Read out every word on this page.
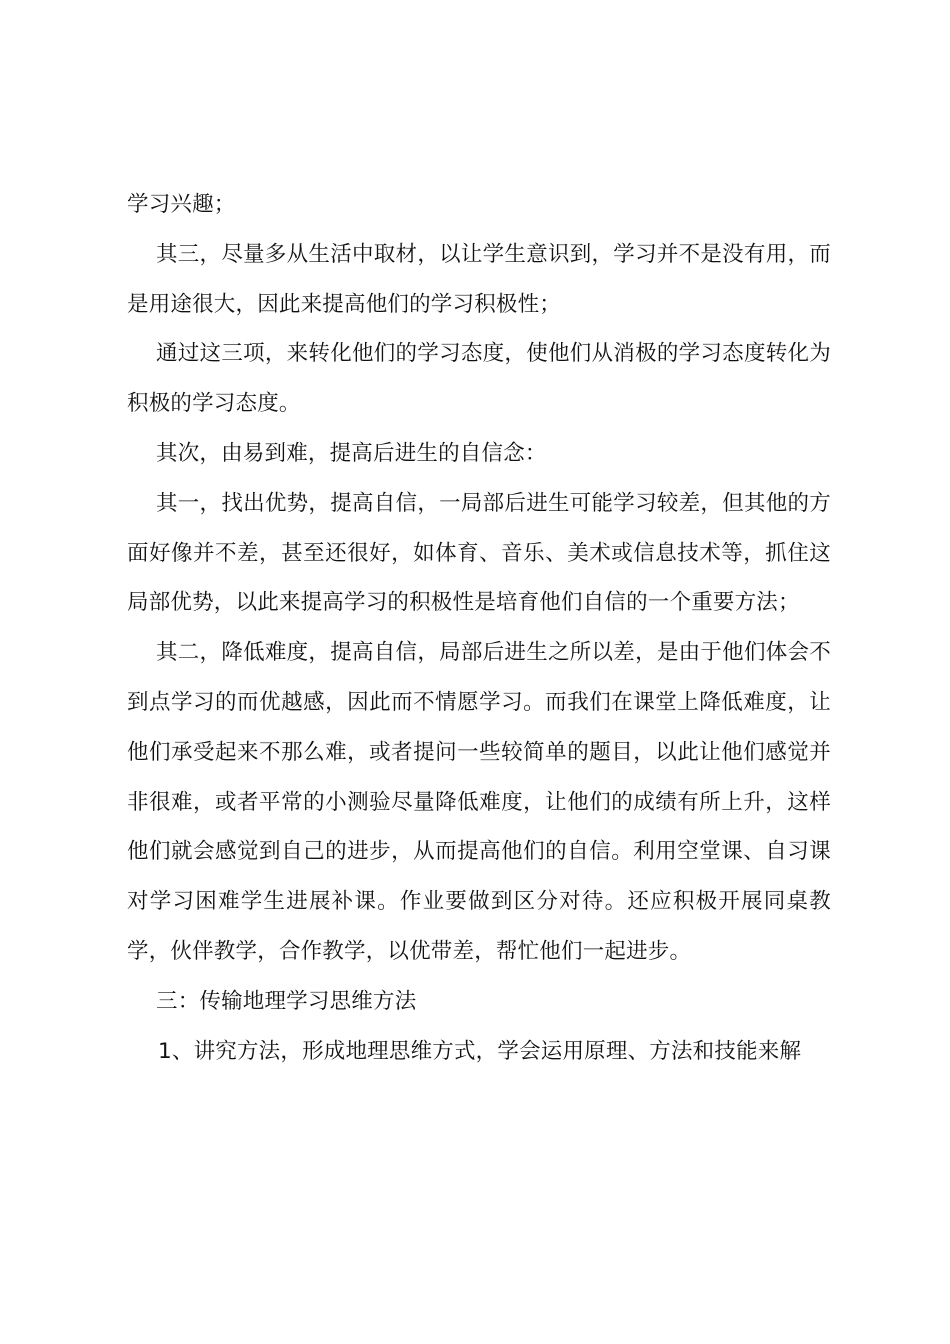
学习兴趣；

其三，尽量多从生活中取材，以让学生意识到，学习并不是没有用，而是用途很大，因此来提高他们的学习积极性；

通过这三项，来转化他们的学习态度，使他们从消极的学习态度转化为积极的学习态度。

其次，由易到难，提高后进生的自信念：

其一，找出优势，提高自信，一局部后进生可能学习较差，但其他的方面好像并不差，甚至还很好，如体育、音乐、美术或信息技术等，抓住这局部优势，以此来提高学习的积极性是培育他们自信的一个重要方法；

其二，降低难度，提高自信，局部后进生之所以差，是由于他们体会不到点学习的而优越感，因此而不情愿学习。而我们在课堂上降低难度，让他们承受起来不那么难，或者提问一些较简单的题目，以此让他们感觉并非很难，或者平常的小测验尽量降低难度，让他们的成绩有所上升，这样他们就会感觉到自己的进步，从而提高他们的自信。利用空堂课、自习课对学习困难学生进展补课。作业要做到区分对待。还应积极开展同桌教学，伙伴教学，合作教学，以优带差，帮忙他们一起进步。

三：传输地理学习思维方法

1、讲究方法，形成地理思维方式，学会运用原理、方法和技能来解
